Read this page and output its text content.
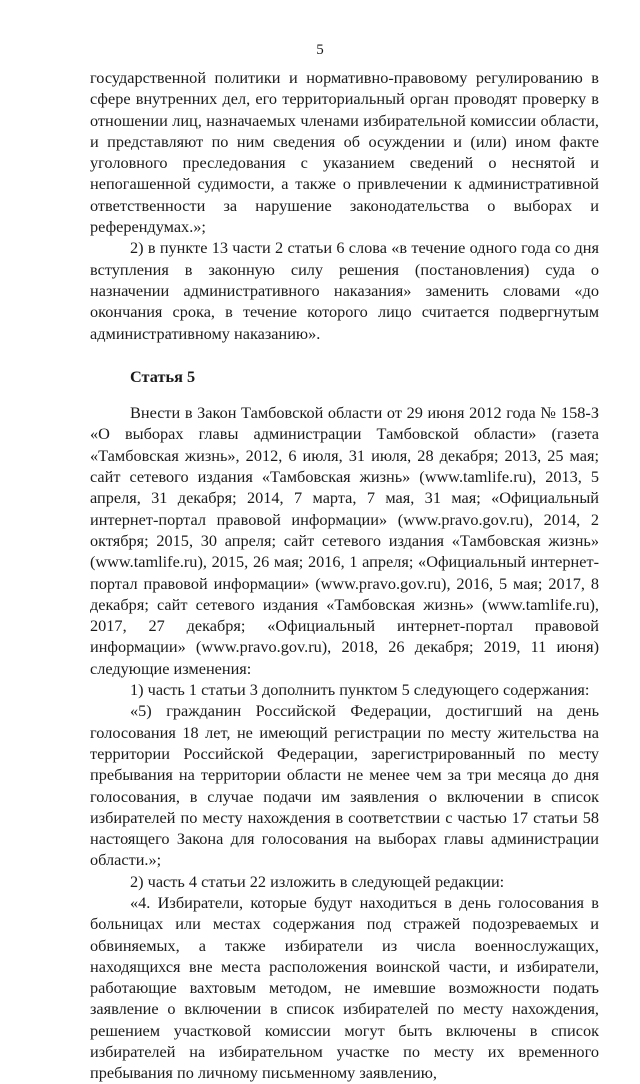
5

государственной политики и нормативно-правовому регулированию в сфере внутренних дел, его территориальный орган проводят проверку в отношении лиц, назначаемых членами избирательной комиссии области, и представляют по ним сведения об осуждении и (или) ином факте уголовного преследования с указанием сведений о неснятой и непогашенной судимости, а также о привлечении к административной ответственности за нарушение законодательства о выборах и референдумах.»;

2) в пункте 13 части 2 статьи 6 слова «в течение одного года со дня вступления в законную силу решения (постановления) суда о назначении административного наказания» заменить словами «до окончания срока, в течение которого лицо считается подвергнутым административному наказанию».

Статья 5

Внести в Закон Тамбовской области от 29 июня 2012 года № 158-З «О выборах главы администрации Тамбовской области» (газета «Тамбовская жизнь», 2012, 6 июля, 31 июля, 28 декабря; 2013, 25 мая; сайт сетевого издания «Тамбовская жизнь» (www.tamlife.ru), 2013, 5 апреля, 31 декабря; 2014, 7 марта, 7 мая, 31 мая; «Официальный интернет-портал правовой информации» (www.pravo.gov.ru), 2014, 2 октября; 2015, 30 апреля; сайт сетевого издания «Тамбовская жизнь» (www.tamlife.ru), 2015, 26 мая; 2016, 1 апреля; «Официальный интернет-портал правовой информации» (www.pravo.gov.ru), 2016, 5 мая; 2017, 8 декабря; сайт сетевого издания «Тамбовская жизнь» (www.tamlife.ru), 2017, 27 декабря; «Официальный интернет-портал правовой информации» (www.pravo.gov.ru), 2018, 26 декабря; 2019, 11 июня) следующие изменения:

1) часть 1 статьи 3 дополнить пунктом 5 следующего содержания:

«5) гражданин Российской Федерации, достигший на день голосования 18 лет, не имеющий регистрации по месту жительства на территории Российской Федерации, зарегистрированный по месту пребывания на территории области не менее чем за три месяца до дня голосования, в случае подачи им заявления о включении в список избирателей по месту нахождения в соответствии с частью 17 статьи 58 настоящего Закона для голосования на выборах главы администрации области.»;

2) часть 4 статьи 22 изложить в следующей редакции:

«4. Избиратели, которые будут находиться в день голосования в больницах или местах содержания под стражей подозреваемых и обвиняемых, а также избиратели из числа военнослужащих, находящихся вне места расположения воинской части, и избиратели, работающие вахтовым методом, не имевшие возможности подать заявление о включении в список избирателей по месту нахождения, решением участковой комиссии могут быть включены в список избирателей на избирательном участке по месту их временного пребывания по личному письменному заявлению,
